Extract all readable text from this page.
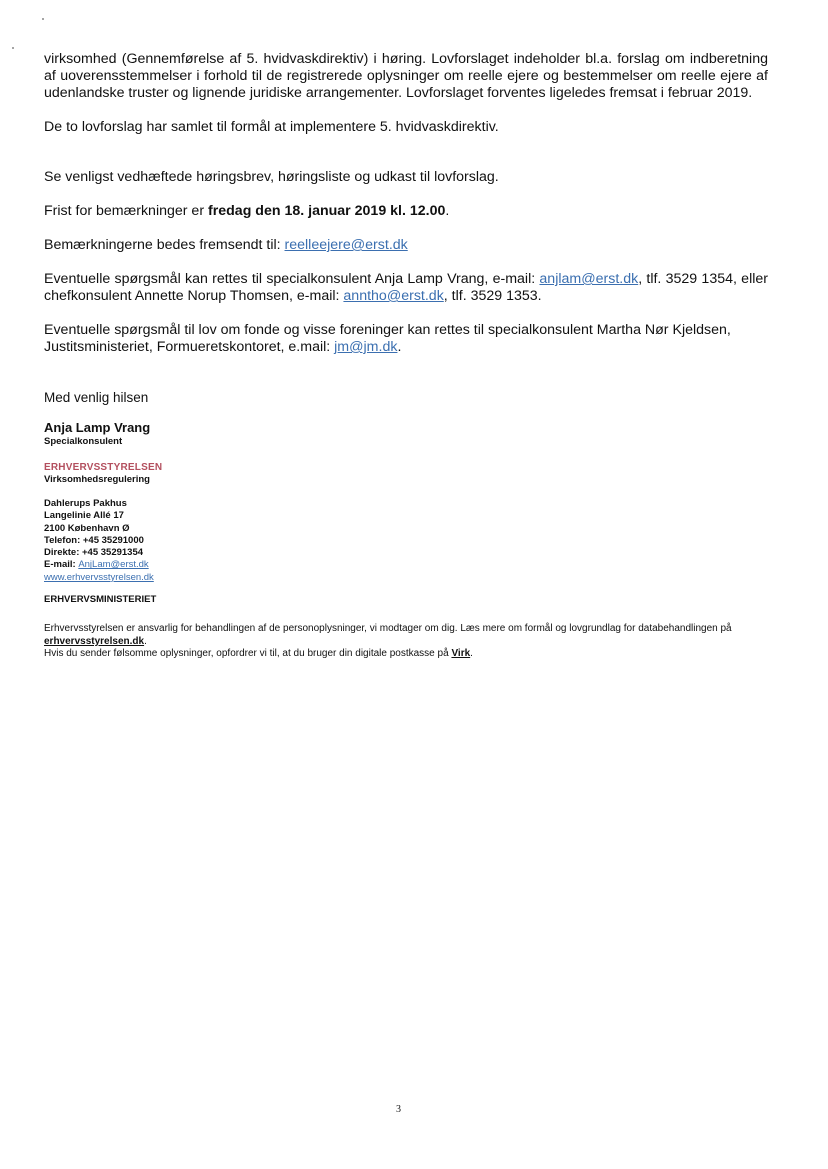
virksomhed (Gennemførelse af 5. hvidvaskdirektiv) i høring. Lovforslaget indeholder bl.a. forslag om indberetning af uoverensstemmelser i forhold til de registrerede oplysninger om reelle ejere og bestemmelser om reelle ejere af udenlandske truster og lignende juridiske arrangementer. Lovforslaget forventes ligeledes fremsat i februar 2019.

De to lovforslag har samlet til formål at implementere 5. hvidvaskdirektiv.

Se venligst vedhæftede høringsbrev, høringsliste og udkast til lovforslag.

Frist for bemærkninger er fredag den 18. januar 2019 kl. 12.00.

Bemærkningerne bedes fremsendt til: reelleejere@erst.dk

Eventuelle spørgsmål kan rettes til specialkonsulent Anja Lamp Vrang, e-mail: anjlam@erst.dk, tlf. 3529 1354, eller chefkonsulent Annette Norup Thomsen, e-mail: anntho@erst.dk, tlf. 3529 1353.

Eventuelle spørgsmål til lov om fonde og visse foreninger kan rettes til specialkonsulent Martha Nør Kjeldsen, Justitsministeriet, Formueretskontoret, e.mail: jm@jm.dk.

Med venlig hilsen

Anja Lamp Vrang
Specialkonsulent
ERHVERVSSTYRELSEN
Virksomhedsregulering
Dahlerups Pakhus
Langelinie Allé 17
2100 København Ø
Telefon: +45 35291000
Direkte: +45 35291354
E-mail: AnjLam@erst.dk
www.erhvervsstyrelsen.dk
ERHVERVSMINISTERIET
Erhvervsstyrelsen er ansvarlig for behandlingen af de personoplysninger, vi modtager om dig. Læs mere om formål og lovgrundlag for databehandlingen på erhvervsstyrelsen.dk.
Hvis du sender følsomme oplysninger, opfordrer vi til, at du bruger din digitale postkasse på Virk.
3
